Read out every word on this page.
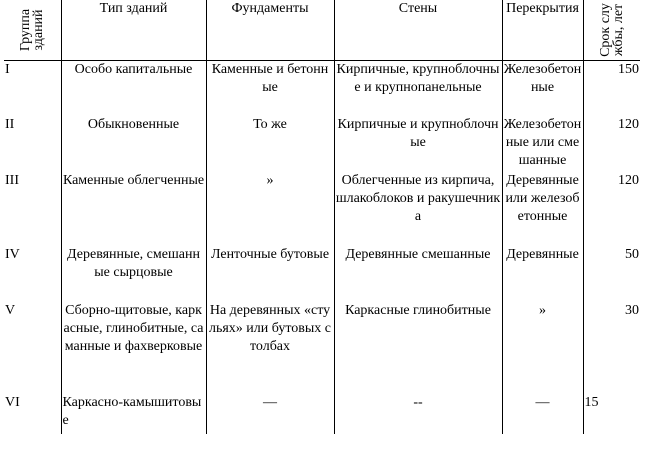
Группа зданий	Тип зданий	Фундаменты	Стены	Перекрытия	Срок службы, лет

I	Особо капитальные	Каменные и бетонные	Кирпичные, крупноблочные и крупнопанельные	Железобетонные	150
II	Обыкновенные	То же	Кирпичные и крупноблочные	Железобетонные или смешанные	120
III	Каменные облегченные	»	Облегченные из кирпича, шлакоблоков и ракушечника	Деревянные или железобетонные	120
IV	Деревянные, смешанные сырцовые	Ленточные бутовые	Деревянные смешанные	Деревянные	50
V	Сборно-щитовые, каркасные, глинобитные, саманные и фахверковые	На деревянных «стульях» или бутовых столбах	Каркасные глинобитные	»	30
VI	Каркасно-камышитовые	—	--	—	15
